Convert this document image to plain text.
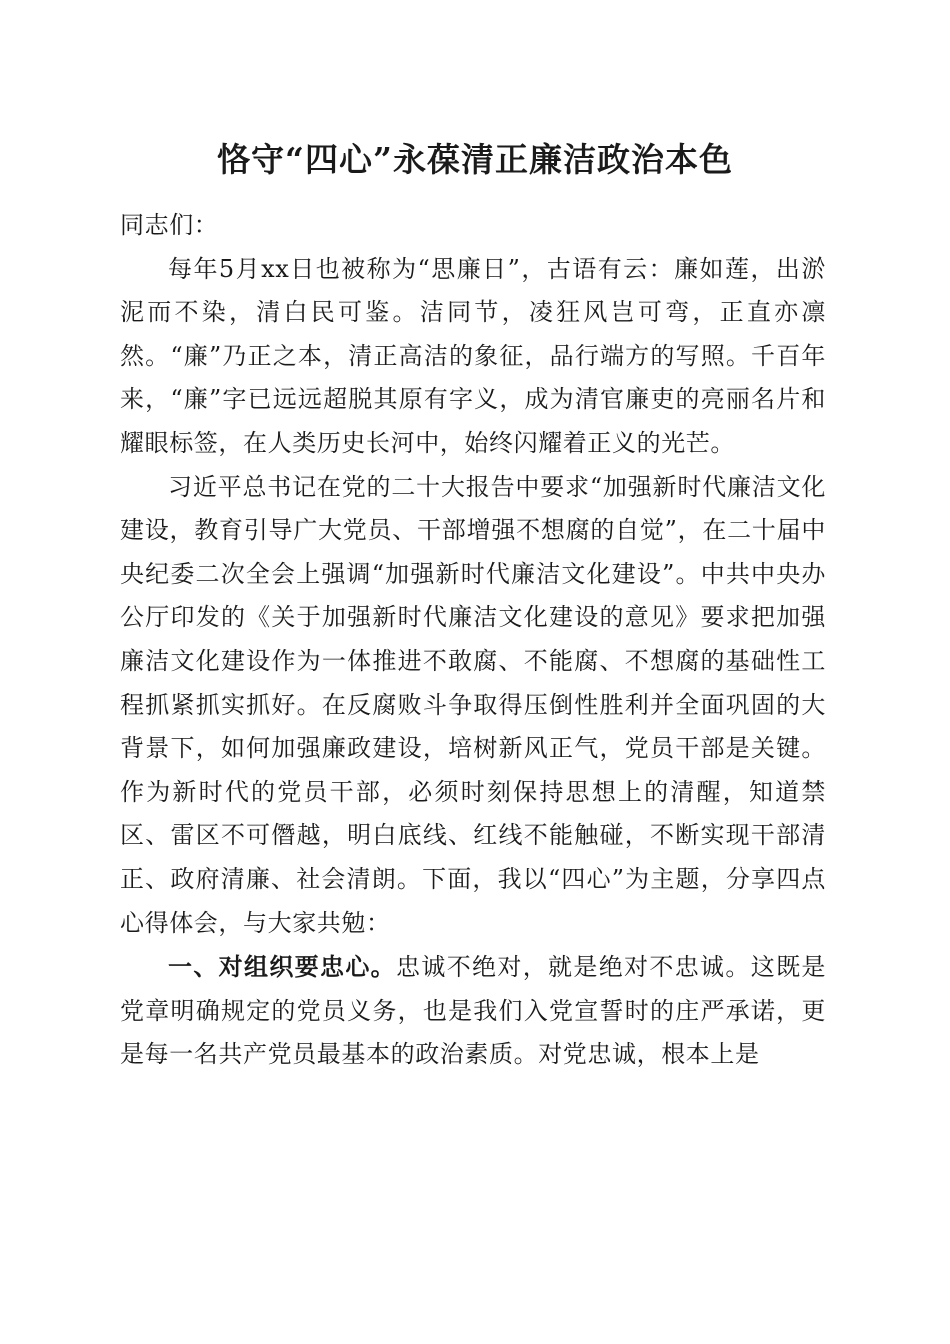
恪守“四心”永葆清正廉洁政治本色

同志们：

每年5月xx日也被称为“思廉日”，古语有云：廉如莲，出淤泥而不染，清白民可鉴。洁同节，凌狂风岂可弯，正直亦凛然。“廉”乃正之本，清正高洁的象征，品行端方的写照。千百年来，“廉”字已远远超脱其原有字义，成为清官廉吏的亮丽名片和耀眼标签，在人类历史长河中，始终闪耀着正义的光芒。

习近平总书记在党的二十大报告中要求“加强新时代廉洁文化建设，教育引导广大党员、干部增强不想腐的自觉”，在二十届中央纪委二次全会上强调“加强新时代廉洁文化建设”。中共中央办公厅印发的《关于加强新时代廉洁文化建设的意见》要求把加强廉洁文化建设作为一体推进不敢腐、不能腐、不想腐的基础性工程抓紧抓实抓好。在反腐败斗争取得压倒性胜利并全面巩固的大背景下，如何加强廉政建设，培树新风正气，党员干部是关键。作为新时代的党员干部，必须时刻保持思想上的清醒，知道禁区、雷区不可僭越，明白底线、红线不能触碰，不断实现干部清正、政府清廉、社会清朗。下面，我以“四心”为主题，分享四点心得体会，与大家共勉：

一、对组织要忠心。忠诚不绝对，就是绝对不忠诚。这既是党章明确规定的党员义务，也是我们入党宣誓时的庄严承诺，更是每一名共产党员最基本的政治素质。对党忠诚，根本上是
